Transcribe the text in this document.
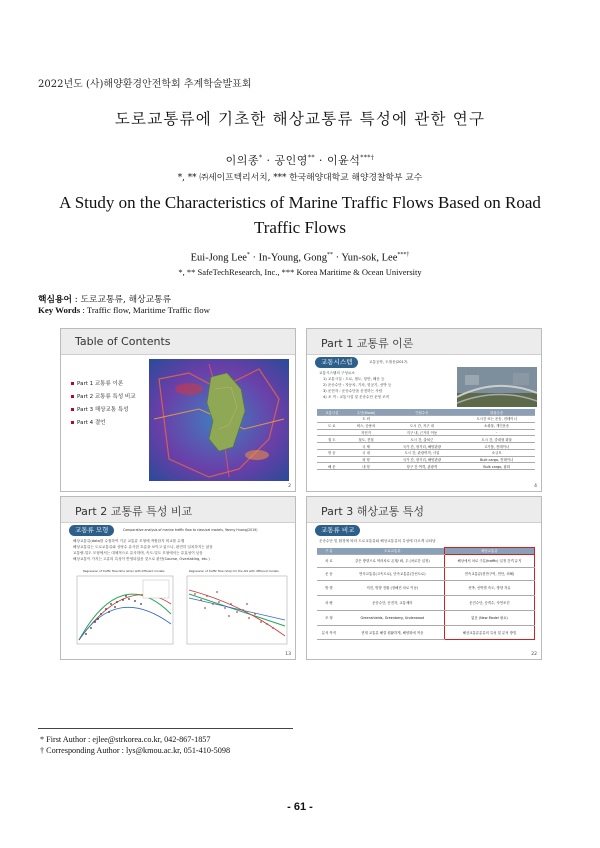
2022년도 (사)해양환경안전학회 추계학술발표회
도로교통류에 기초한 해상교통류 특성에 관한 연구
이의종* · 공인영** · 이윤석***†
*, ** ㈜세이프텍리서치, *** 한국해양대학교 해양경찰학부 교수
A Study on the Characteristics of Marine Traffic Flows Based on Road Traffic Flows
Eui-Jong Lee* · In-Young, Gong** · Yun-sok, Lee***†
*, ** SafeTechResearch, Inc., *** Korea Maritime & Ocean University
핵심용어 : 도로교통류, 해상교통류
Key Words : Traffic flow, Maritime Traffic flow
Table of Contents
Part 1 교통류 이론
Part 2 교통류 특성 비교
Part 3 해상교통 특성
Part 4 결언
2
Part 1 교통류 이론
교통시스템	교통공학, 도철웅(2017)
교통시스템의 구성요소
1) 교통시설 : 도로, 철도, 항만, 해운 등
2) 운송수단 : 자동차, 기차, 항공기, 선박 등
3) 운전자 : 운송수단을 운전하는 사람
4) 조 직 : 교통시설 및 운송수단 운영 조직
교통시설	수단(Mode)	인원수송	화물수송
	트 럭		도시간 또는 운송, 컨테이너
도 로	버스, 승용차	도시 간, 지구 내	소화물, 개인운송
	자전거	지구 내, 근거리 이동	-
철 도	철도, 전철	도시 간, 출퇴근	도시 간, 중대형 화물
	국 제	국가 간, 장거리, 해양관광	고가품, 컨테이너
항 공	국 내	도시 간, 관광여객, 사업	소규모
	외 항	국가 간, 장거리, 해양관광	Bulk cargo, 컨테이너
해 운	내 항	항구 간 여객, 관광객	Bulk cargo, 잡화
4
Part 2 교통류 특성 비교
교통류 모형	Comparative analysis of marine traffic flow to classical models, Yanmy Huang(2019)
해상교통류(data를 수집하여 기존 교통류 모형에 적합한지 비교를 수행
해상교통류는 도로교통류와 상당수 유사한 흐름을 보이고 있으나, 완전히 일치하지는 않음
교통량-밀도 모형에서는 대체적으로 유사하며, 속도-밀도 모형에서는 유효성이 낮음
해상교통이 가지는 고유의 특성이 반영되었음 것으로 판단(Course, Overtaking, etc.)
Regression of traffic flow-time (ship) with different models	Regression of traffic flow (ship) for the AIS with different models
13
Part 3 해상교통 특성
교통류 비교
운송수단 및 환경에 따라 도로교통류와 해상교통류의 특성에 다르게 나타남
구 분	도로교통류	해상교통류
차 로	같은 방향으로 여러차로 존재/ 좌, 우 (차로간 일정)	해상에서 차로 구분(traffic) 일정 간격 유지
운 동	연속교통류(고속도로), 단속교통류(간선도로)	연속교통류(항만구역, 연안, 외해)
방 향	직진, 방향 전환 (정해진 차로 이동)	선박, 선박별 속도, 방향 자유
차 량	운송수단, 운전자, 교통제어	운전수단, 승객수, 자연조건
모 형	Greenshields, Greenberg, Underwood	없음 (New Model 필요)
분석 목적	현재 교통류 해결 원활하게, 해양화에 적응	해상교통류분류의 특성 및 분석 방법
22
* First Author : ejlee@strkorea.co.kr, 042-867-1857
† Corresponding Author : lys@kmou.ac.kr, 051-410-5098
- 61 -
